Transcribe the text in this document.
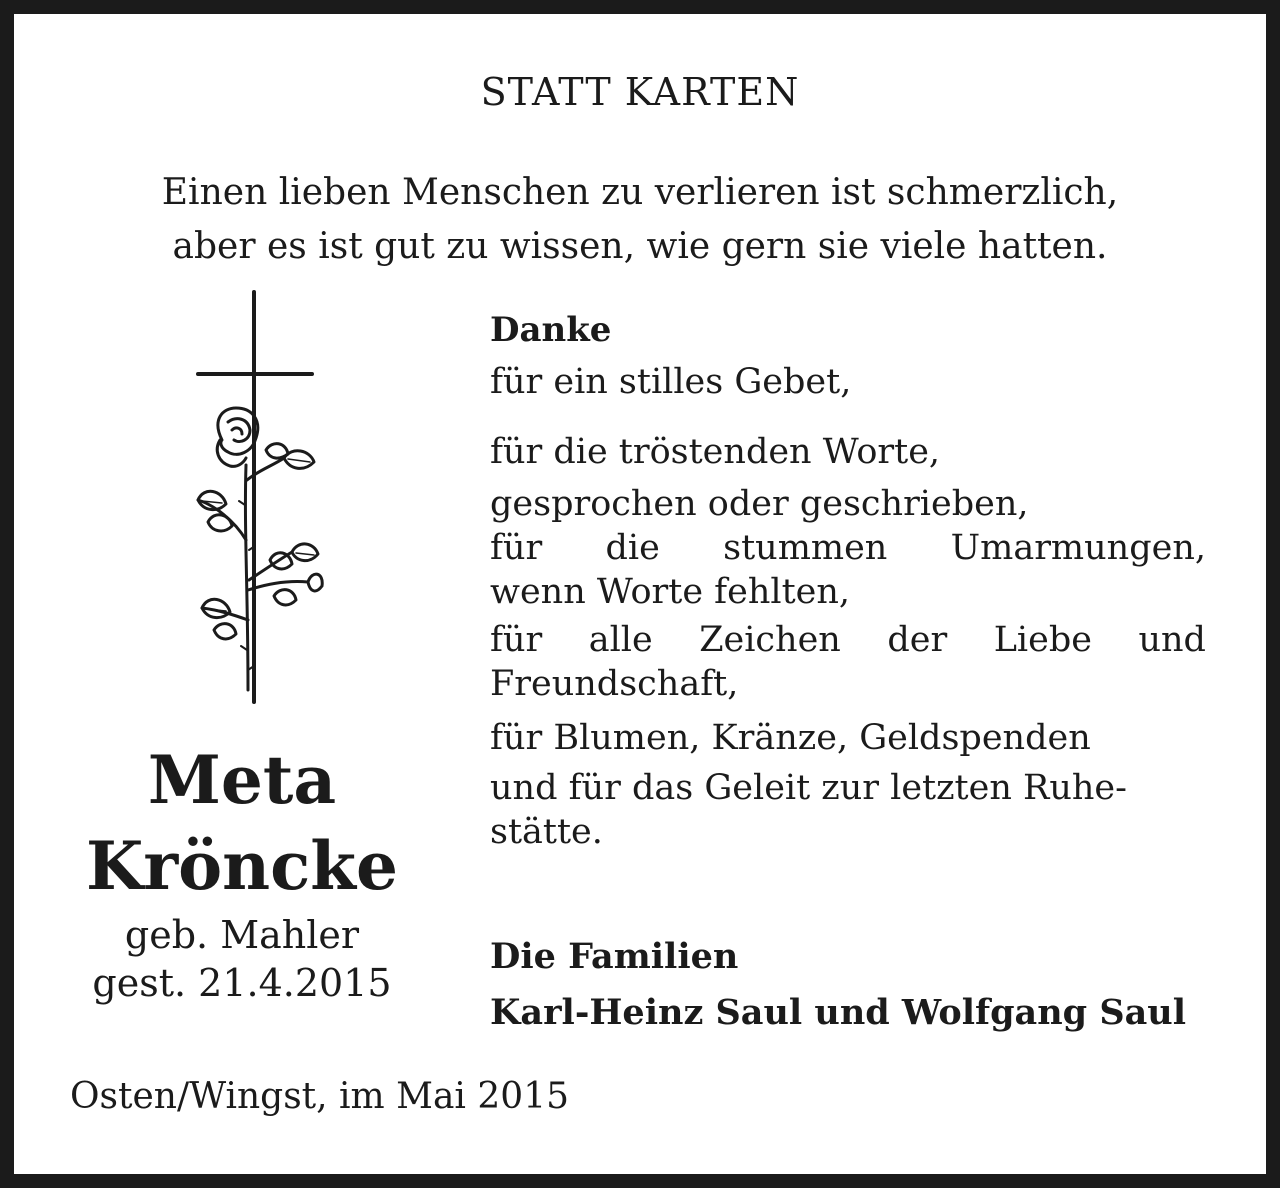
STATT KARTEN
Einen lieben Menschen zu verlieren ist schmerzlich,
aber es ist gut zu wissen, wie gern sie viele hatten.
Meta
Kröncke
geb. Mahler
gest. 21.4.2015
Danke
für ein stilles Gebet,
für die tröstenden Worte,
gesprochen oder geschrieben,
für die stummen Umarmungen,
wenn Worte fehlten,
für alle Zeichen der Liebe und
Freundschaft,
für Blumen, Kränze, Geldspenden
und für das Geleit zur letzten Ruhe-
stätte.
Die Familien
Karl-Heinz Saul und Wolfgang Saul
Osten/Wingst, im Mai 2015
